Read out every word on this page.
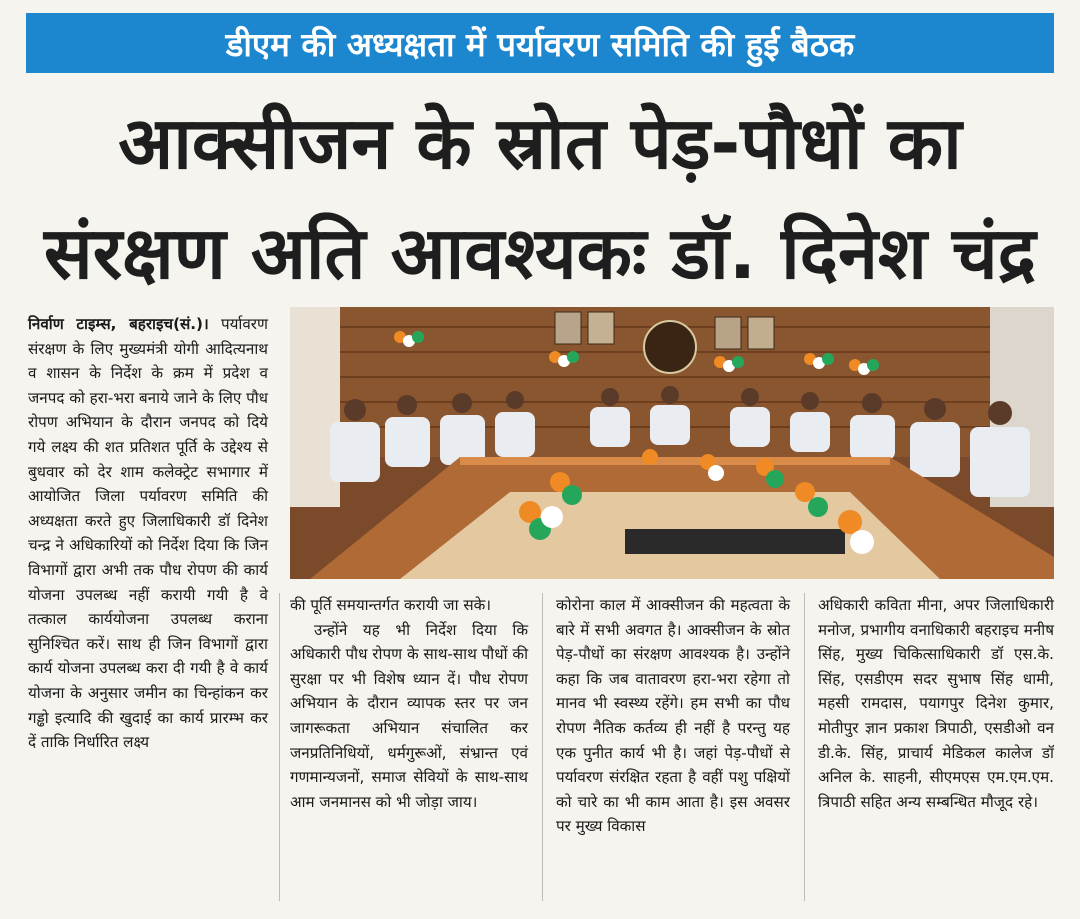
डीएम की अध्यक्षता में पर्यावरण समिति की हुई बैठक
आक्सीजन के स्रोत पेड़-पौधों का
संरक्षण अति आवश्यकः डॉ. दिनेश चंद्र

निर्वाण टाइम्स, बहराइच(सं.)। पर्यावरण संरक्षण के लिए मुख्यमंत्री योगी आदित्यनाथ व शासन के निर्देश के क्रम में प्रदेश व जनपद को हरा-भरा बनाये जाने के लिए पौध रोपण अभियान के दौरान जनपद को दिये गये लक्ष्य की शत प्रतिशत पूर्ति के उद्देश्य से बुधवार को देर शाम कलेक्ट्रेट सभागार में आयोजित जिला पर्यावरण समिति की अध्यक्षता करते हुए जिलाधिकारी डॉ दिनेश चन्द्र ने अधिकारियों को निर्देश दिया कि जिन विभागों द्वारा अभी तक पौध रोपण की कार्य योजना उपलब्ध नहीं करायी गयी है वे तत्काल कार्ययोजना उपलब्ध कराना सुनिश्चित करें। साथ ही जिन विभागों द्वारा कार्य योजना उपलब्ध करा दी गयी है वे कार्य योजना के अनुसार जमीन का चिन्हांकन कर गड्ढो इत्यादि की खुदाई का कार्य प्रारम्भ कर दें ताकि निर्धारित लक्ष्य

की पूर्ति समयान्तर्गत करायी जा सके।

उन्होंने यह भी निर्देश दिया कि अधिकारी पौध रोपण के साथ-साथ पौधों की सुरक्षा पर भी विशेष ध्यान दें। पौध रोपण अभियान के दौरान व्यापक स्तर पर जन जागरूकता अभियान संचालित कर जनप्रतिनिधियों, धर्मगुरूओं, संभ्रान्त एवं गणमान्यजनों, समाज सेवियों के साथ-साथ आम जनमानस को भी जोड़ा जाय।

कोरोना काल में आक्सीजन की महत्वता के बारे में सभी अवगत है। आक्सीजन के स्रोत पेड़-पौधों का संरक्षण आवश्यक है। उन्होंने कहा कि जब वातावरण हरा-भरा रहेगा तो मानव भी स्वस्थ्य रहेंगे। हम सभी का पौध रोपण नैतिक कर्तव्य ही नहीं है परन्तु यह एक पुनीत कार्य भी है। जहां पेड़-पौधों से पर्यावरण संरक्षित रहता है वहीं पशु पक्षियों को चारे का भी काम आता है। इस अवसर पर मुख्य विकास

अधिकारी कविता मीना, अपर जिलाधिकारी मनोज, प्रभागीय वनाधिकारी बहराइच मनीष सिंह, मुख्य चिकित्साधिकारी डॉ एस.के. सिंह, एसडीएम सदर सुभाष सिंह धामी, महसी रामदास, पयागपुर दिनेश कुमार, मोतीपुर ज्ञान प्रकाश त्रिपाठी, एसडीओ वन डी.के. सिंह, प्राचार्य मेडिकल कालेज डॉ अनिल के. साहनी, सीएमएस एम.एम.एम. त्रिपाठी सहित अन्य सम्बन्धित मौजूद रहे।
